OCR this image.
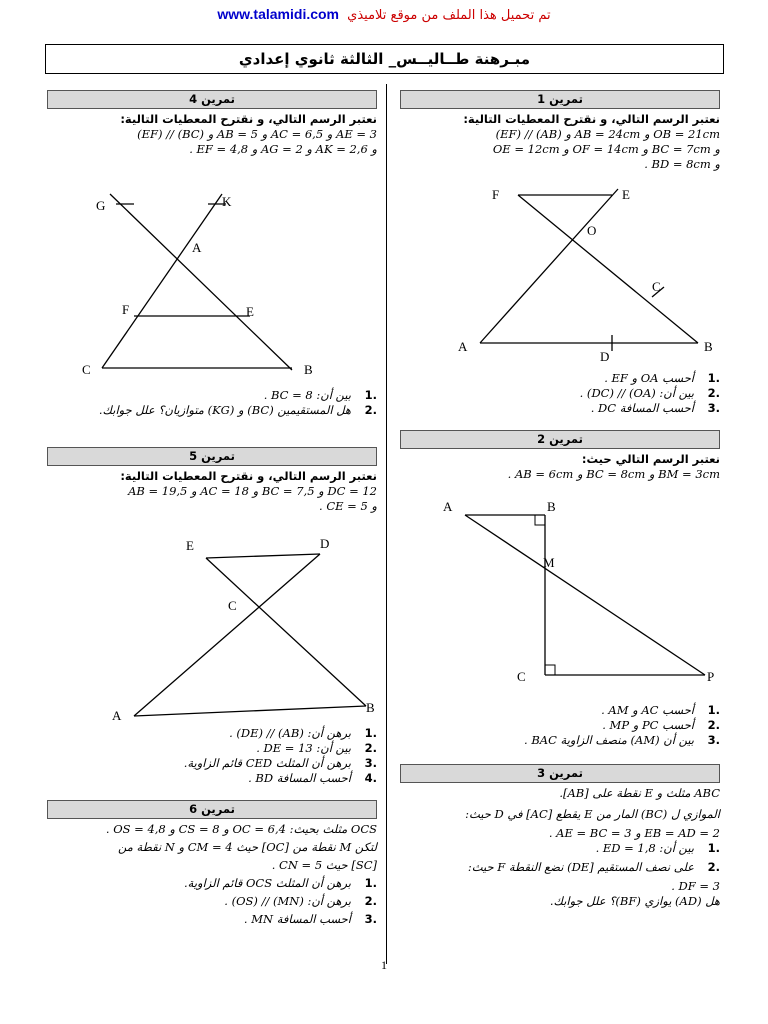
www.talamidi.com تم تحميل هذا الملف من موقع تلاميذي
مبـرهنة طــاليــس_ الثالثة ثانوي إعدادي
تمرين 1

نعتبر الرسم التالي، و نقترح المعطيات التالية:

OB = 21cm و AB = 24cm و (AB) // (EF)

و BC = 7cm و OF = 14cm و OE = 12cm

و BD = 8cm .

F	E
O
C
A
D
B
1.
أحسب OA و EF .
2.
بين أن: (OA) // (DC) .
3.
أحسب المسافة DC .
تمرين 2

نعتبر الرسم التالي حيث:

BM = 3cm و BC = 8cm و AB = 6cm .

A	B
M
C	P
1.
أحسب AC و AM .
2.
أحسب PC و MP .
3.
بين أن (AM) منصف الزاوية BAC .
تمرين 3

ABC مثلث و E نقطة على [AB].

الموازي ل (BC) المار من E يقطع [AC] في D حيث:

EB = AD = 2 و AE = BC = 3 .

1.
بين أن: ED = 1,8 .
2.
على نصف المستقيم [DE) نضع النقطة F حيث:

DF = 3 .

هل (AD) يوازي (BF)؟ علل جوابك.

تمرين 4

نعتبر الرسم التالي، و نقترح المعطيات التالية:

AE = 3 و AC = 6,5 و AB = 5 و (BC) // (EF)

و AK = 2,6 و AG = 2 و EF = 4,8 .

G	K
A
F	E
C	B
1.
بين أن: BC = 8 .
2.
هل المستقيمين (BC) و (KG) متوازيان؟ علل جوابك.
تمرين 5

نعتبر الرسم التالي، و نقترح المعطيات التالية:

DC = 12 و BC = 7,5 و AC = 18 و AB = 19,5

و CE = 5 .

E	D
C
A
B
1.
برهن أن: (AB) // (DE) .
2.
بين أن: DE = 13 .
3.
برهن أن المثلث CED قائم الزاوية.
4.
أحسب المسافة BD .
تمرين 6

OCS مثلث بحيث: OC = 6,4 و CS = 8 و OS = 4,8 .

لتكن M نقطة من [OC] حيث CM = 4 و N نقطة من

[SC] حيث CN = 5 .

1.
برهن أن المثلث OCS قائم الزاوية.
2.
برهن أن: (MN) // (OS) .
3.
أحسب المسافة MN .
1
